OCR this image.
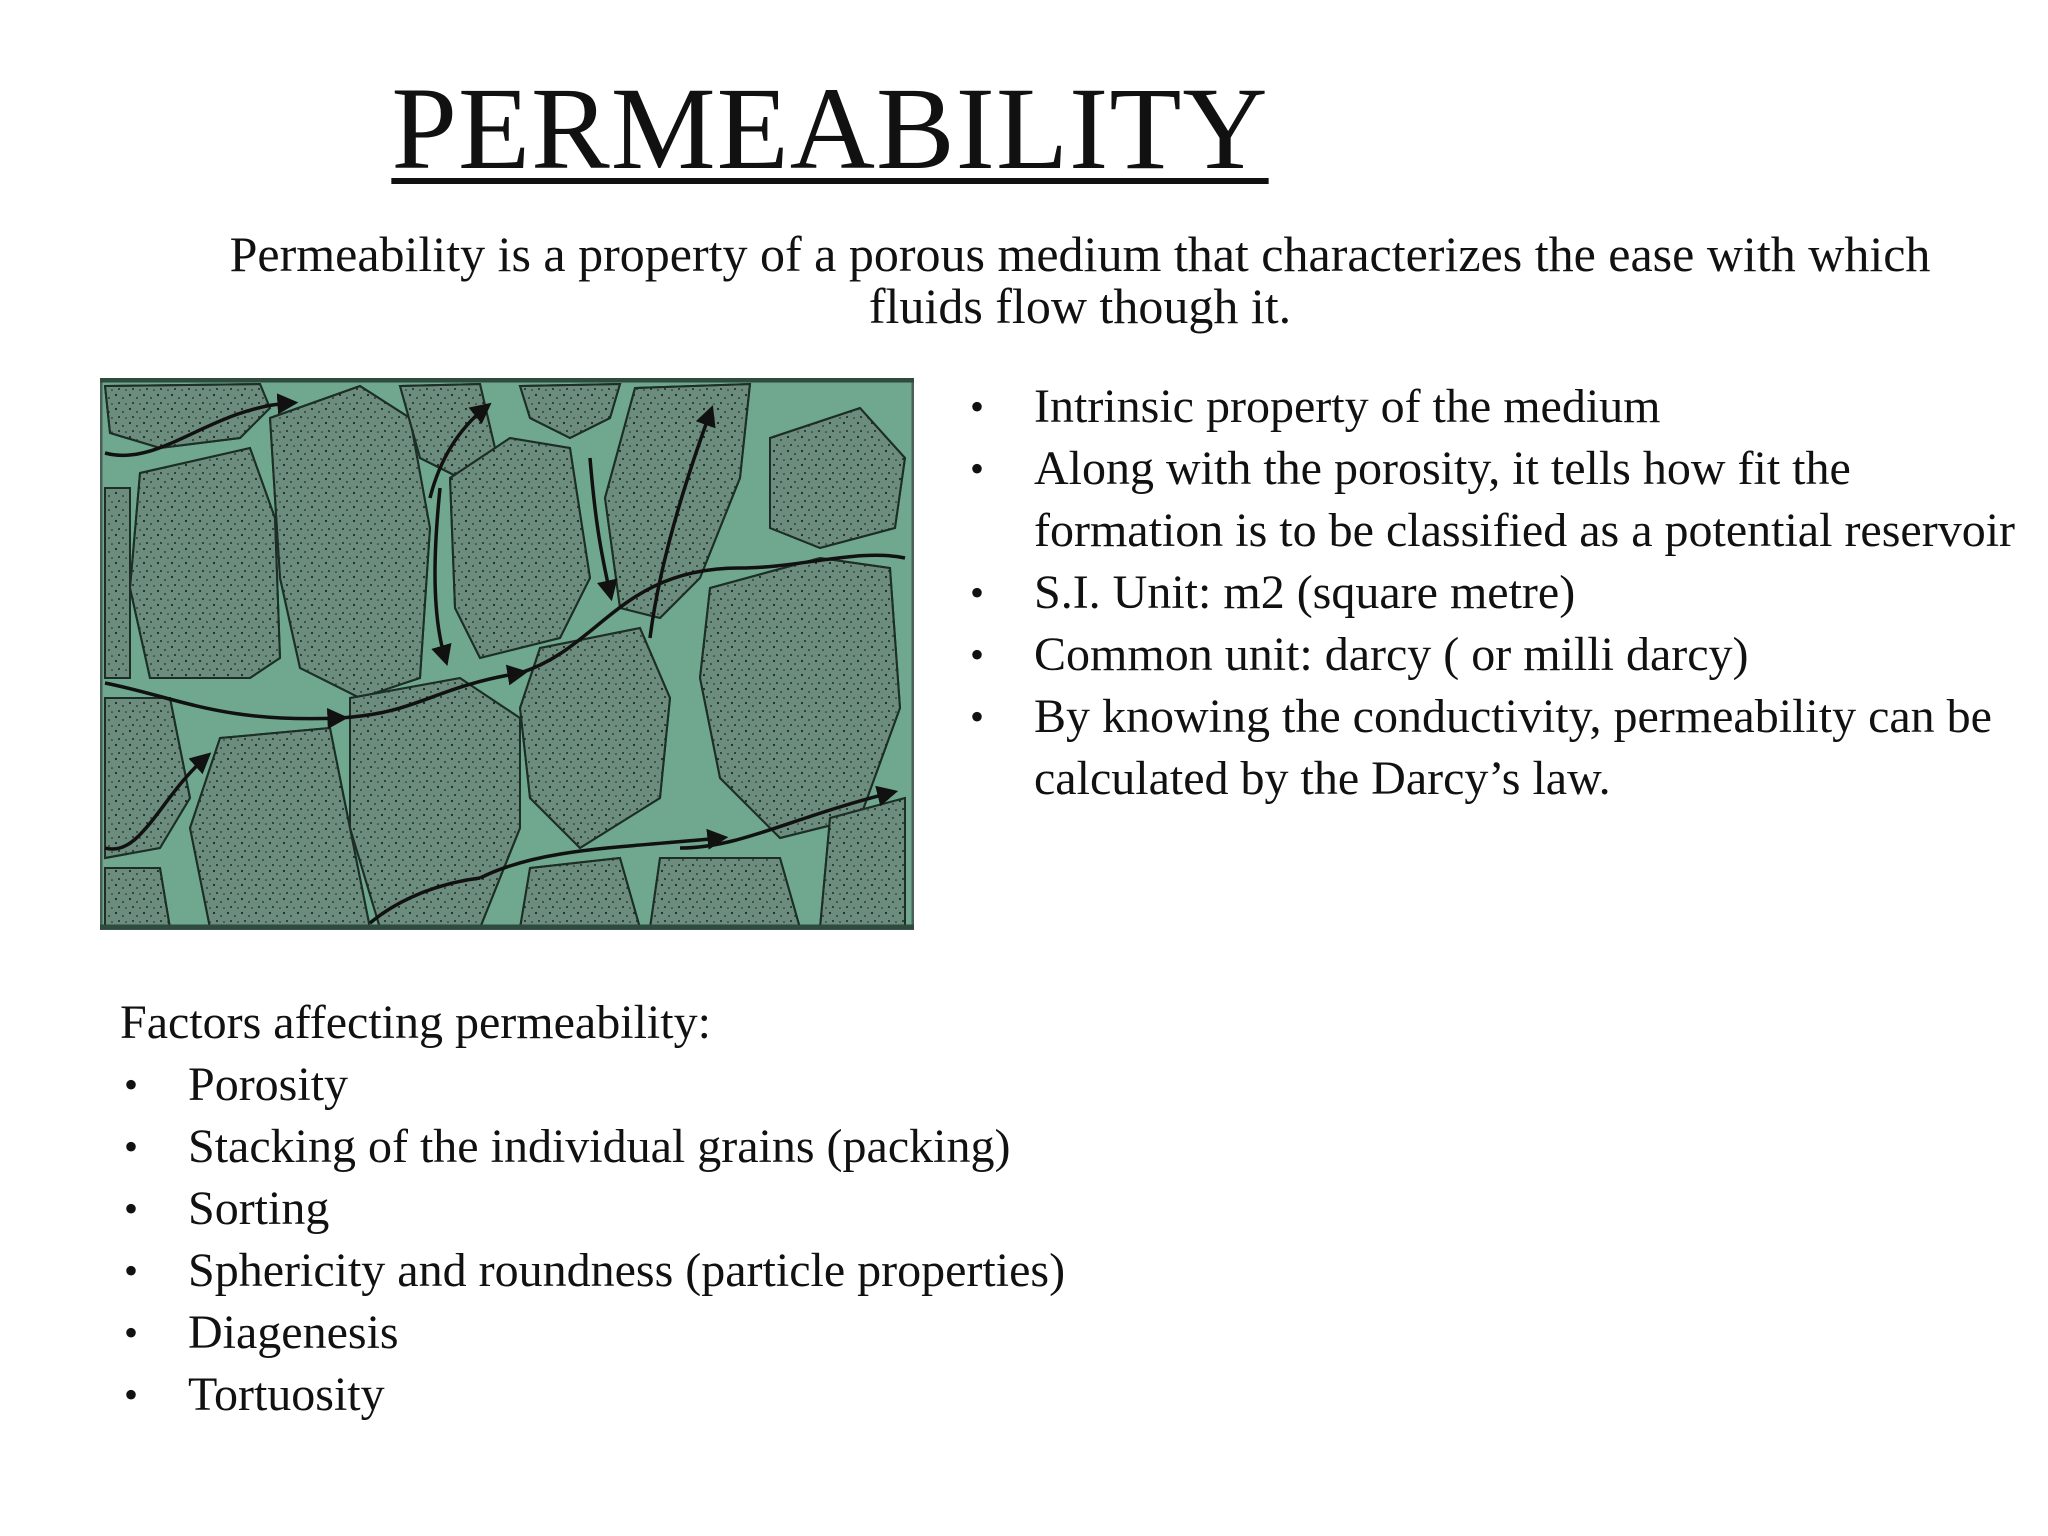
PERMEABILITY
Permeability is a property of a porous medium that characterizes the ease with which
fluids flow though it.
• Intrinsic property of the medium
• Along with the porosity, it tells how fit the formation is to be classified as a potential reservoir
• S.I. Unit: m2 (square metre)
• Common unit: darcy ( or milli darcy)
• By knowing the conductivity, permeability can be calculated by the Darcy’s law.

Factors affecting permeability:

• Porosity
• Stacking of the individual grains (packing)
• Sorting
• Sphericity and roundness (particle properties)
• Diagenesis
• Tortuosity
